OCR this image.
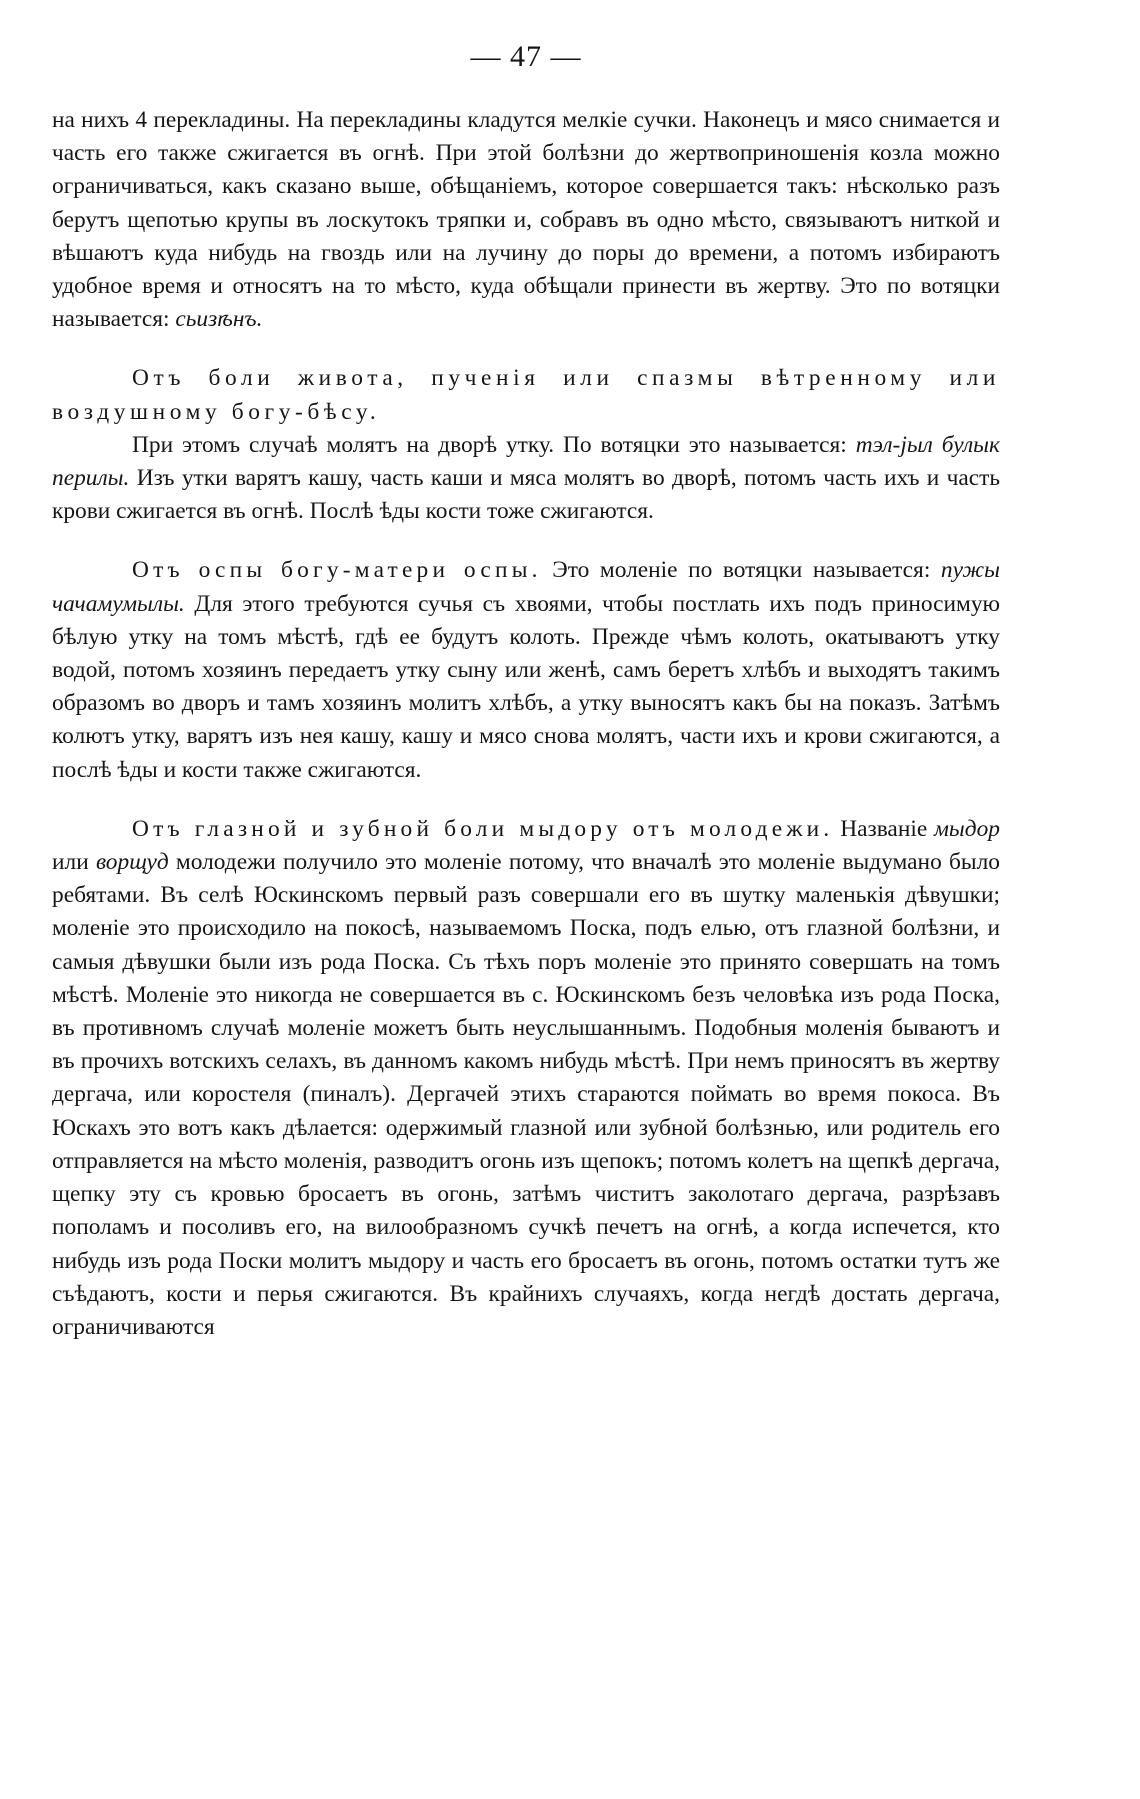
— 47 —

на нихъ 4 перекладины. На перекладины кладутся мелкіе сучки. Наконецъ и мясо снимается и часть его также сжигается въ огнѣ. При этой болѣзни до жертвоприношенія козла можно ограничиваться, какъ сказано выше, обѣщаніемъ, которое совершается такъ: нѣсколько разъ берутъ щепотью крупы въ лоскутокъ тряпки и, собравъ въ одно мѣсто, связываютъ ниткой и вѣшаютъ куда нибудь на гвоздь или на лучину до поры до времени, а потомъ избираютъ удобное время и относятъ на то мѣсто, куда обѣщали принести въ жертву. Это по вотяцки называется: сьизѣнъ.

Отъ боли живота, пученія или спазмы вѣтренному или воздушному богу-бѣсу.

При этомъ случаѣ молятъ на дворѣ утку. По вотяцки это называется: тэл-јыл булык перилы. Изъ утки варятъ кашу, часть каши и мяса молятъ во дворѣ, потомъ часть ихъ и часть крови сжигается въ огнѣ. Послѣ ѣды кости тоже сжигаются.

Отъ оспы богу-матери оспы. Это моленіе по вотяцки называется: пужы чачамумылы. Для этого требуются сучья съ хвоями, чтобы постлать ихъ подъ приносимую бѣлую утку на томъ мѣстѣ, гдѣ ее будутъ колоть. Прежде чѣмъ колоть, окатываютъ утку водой, потомъ хозяинъ передаетъ утку сыну или женѣ, самъ беретъ хлѣбъ и выходятъ такимъ образомъ во дворъ и тамъ хозяинъ молитъ хлѣбъ, а утку выносятъ какъ бы на показъ. Затѣмъ колютъ утку, варятъ изъ нея кашу, кашу и мясо снова молятъ, части ихъ и крови сжигаются, а послѣ ѣды и кости также сжигаются.

Отъ глазной и зубной боли мыдору отъ молодежи. Названіе мыдор или ворщуд молодежи получило это моленіе потому, что вначалѣ это моленіе выдумано было ребятами. Въ селѣ Юскинскомъ первый разъ совершали его въ шутку маленькія дѣвушки; моленіе это происходило на покосѣ, называемомъ Поска, подъ елью, отъ глазной болѣзни, и самыя дѣвушки были изъ рода Поска. Съ тѣхъ поръ моленіе это принято совершать на томъ мѣстѣ. Моленіе это никогда не совершается въ с. Юскинскомъ безъ человѣка изъ рода Поска, въ противномъ случаѣ моленіе можетъ быть неуслышаннымъ. Подобныя моленія бываютъ и въ прочихъ вотскихъ селахъ, въ данномъ какомъ нибудь мѣстѣ. При немъ приносятъ въ жертву дергача, или коростеля (пиналъ). Дергачей этихъ стараются поймать во время покоса. Въ Юскахъ это вотъ какъ дѣлается: одержимый глазной или зубной болѣзнью, или родитель его отправляется на мѣсто моленія, разводитъ огонь изъ щепокъ; потомъ колетъ на щепкѣ дергача, щепку эту съ кровью бросаетъ въ огонь, затѣмъ чиститъ заколотаго дергача, разрѣзавъ пополамъ и посоливъ его, на вилообразномъ сучкѣ печетъ на огнѣ, а когда испечется, кто нибудь изъ рода Поски молитъ мыдору и часть его бросаетъ въ огонь, потомъ остатки тутъ же съѣдаютъ, кости и перья сжигаются. Въ крайнихъ случаяхъ, когда негдѣ достать дергача, ограничиваются
